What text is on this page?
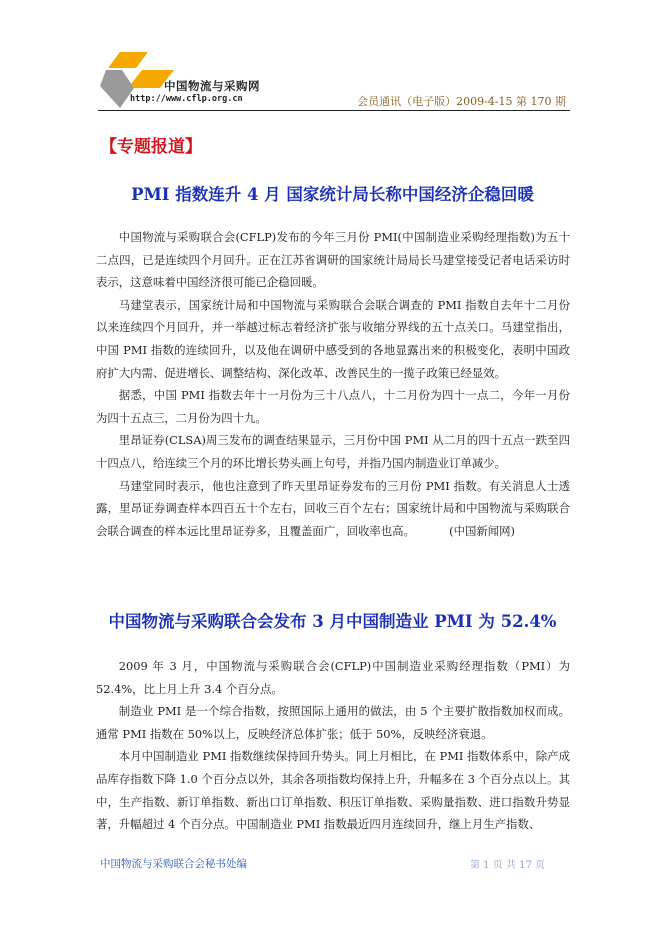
中国物流与采购网
http://www.cflp.org.cn	会员通讯（电子版）2009-4-15 第 170 期
【专题报道】
PMI 指数连升 4 月 国家统计局长称中国经济企稳回暖

中国物流与采购联合会(CFLP)发布的今年三月份 PMI(中国制造业采购经理指数)为五十二点四，已是连续四个月回升。正在江苏省调研的国家统计局局长马建堂接受记者电话采访时表示，这意味着中国经济很可能已企稳回暖。

马建堂表示，国家统计局和中国物流与采购联合会联合调查的 PMI 指数自去年十二月份以来连续四个月回升，并一举越过标志着经济扩张与收缩分界线的五十点关口。马建堂指出，中国 PMI 指数的连续回升，以及他在调研中感受到的各地显露出来的积极变化，表明中国政府扩大内需、促进增长、调整结构、深化改革、改善民生的一揽子政策已经显效。

据悉，中国 PMI 指数去年十一月份为三十八点八，十二月份为四十一点二，今年一月份为四十五点三，二月份为四十九。

里昂证券(CLSA)周三发布的调查结果显示，三月份中国 PMI 从二月的四十五点一跌至四十四点八，给连续三个月的环比增长势头画上句号，并指乃国内制造业订单减少。

马建堂同时表示，他也注意到了昨天里昂证券发布的三月份 PMI 指数。有关消息人士透露，里昂证券调查样本四百五十个左右，回收三百个左右；国家统计局和中国物流与采购联合会联合调查的样本远比里昂证券多，且覆盖面广，回收率也高。	(中国新闻网)

中国物流与采购联合会发布 3 月中国制造业 PMI 为 52.4%

2009 年 3 月，中国物流与采购联合会(CFLP)中国制造业采购经理指数（PMI）为 52.4%，比上月上升 3.4 个百分点。

制造业 PMI 是一个综合指数，按照国际上通用的做法，由 5 个主要扩散指数加权而成。通常 PMI 指数在 50%以上，反映经济总体扩张；低于 50%，反映经济衰退。

本月中国制造业 PMI 指数继续保持回升势头。同上月相比，在 PMI 指数体系中，除产成品库存指数下降 1.0 个百分点以外，其余各项指数均保持上升，升幅多在 3 个百分点以上。其中，生产指数、新订单指数、新出口订单指数、积压订单指数、采购量指数、进口指数升势显著，升幅超过 4 个百分点。中国制造业 PMI 指数最近四月连续回升，继上月生产指数、

中国物流与采购联合会秘书处编	第 1 页 共 17 页
